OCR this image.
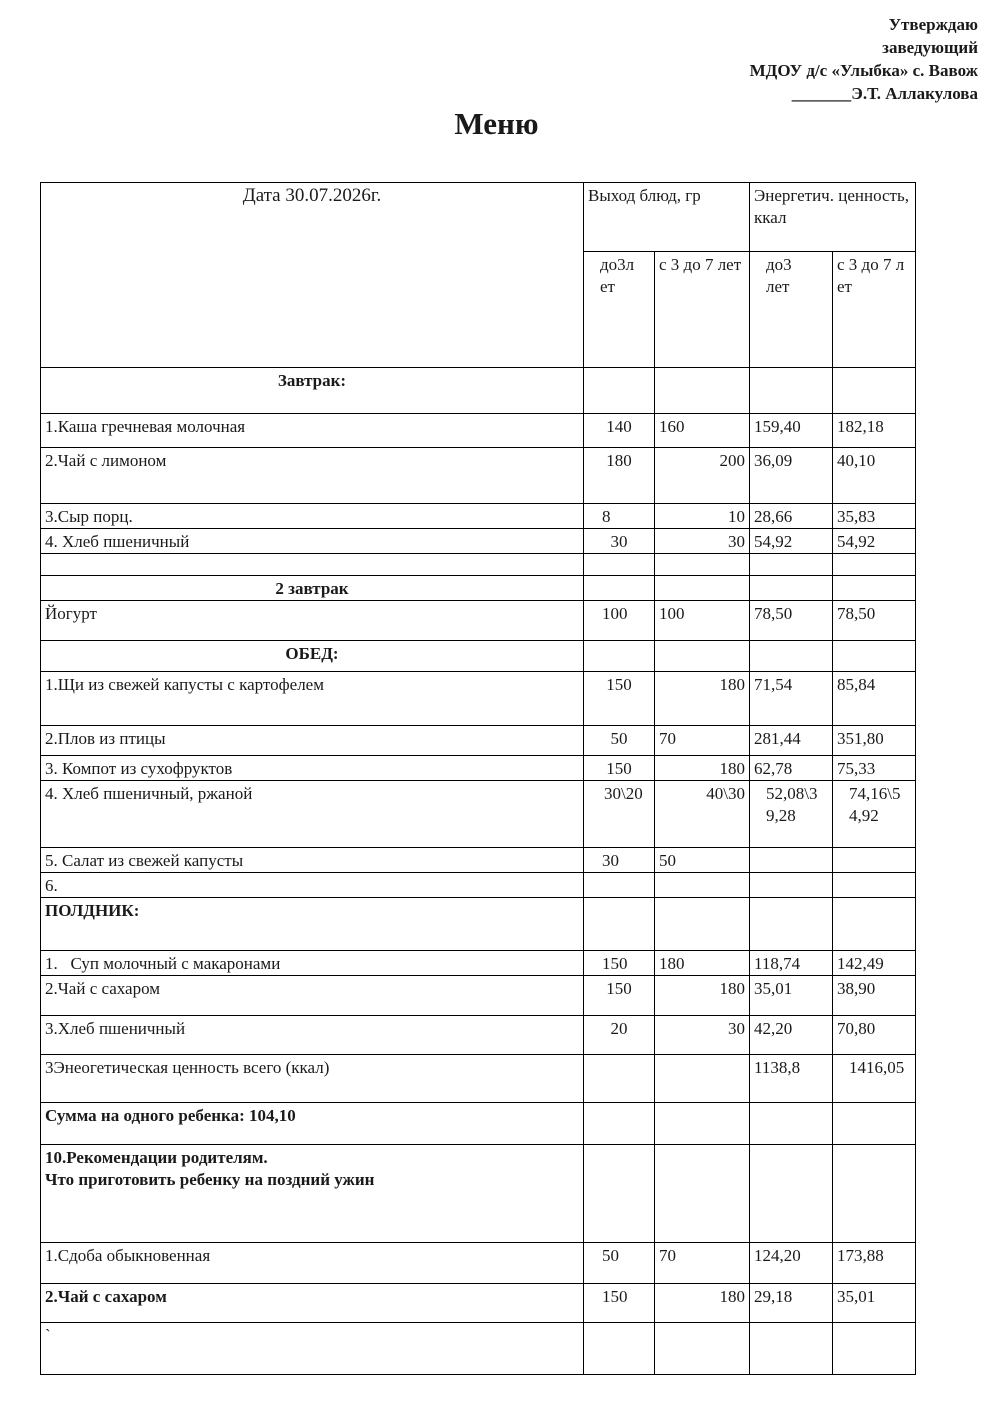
Утверждаю
заведующий
МДОУ д/с «Улыбка» с. Вавож
_______Э.Т. Аллакулова
Меню
Дата 30.07.2026г.	Выход блюд, гр		Энергетич. ценность, ккал	
	до3лет	с 3 до 7 лет	до3лет	с 3 до 7 лет
Завтрак:				
1.Каша гречневая молочная	140	160	159,40	182,18
2.Чай с лимоном	180	200	36,09	40,10
3.Сыр порц.	8	10	28,66	35,83
4. Хлеб пшеничный	30	30	54,92	54,92

2 завтрак				
Йогурт	100	100	78,50	78,50
ОБЕД:				
1.Щи из свежей капусты с картофелем	150	180	71,54	85,84
2.Плов из птицы	50	70	281,44	351,80
3. Компот из сухофруктов	150	180	62,78	75,33
4. Хлеб пшеничный, ржаной	30\20	40\30	52,08\3 9,28	74,16\5 4,92
5. Салат из свежей капусты	30	50		
6.				
ПОЛДНИК:				
1.   Суп молочный с макаронами	150	180	118,74	142,49
2.Чай с сахаром	150	180	35,01	38,90
3.Хлеб пшеничный	20	30	42,20	70,80
3Энеогетическая ценность всего (ккал)			1138,8	1416,05
Сумма на одного ребенка: 104,10				

10.Рекомендации родителям.
Что приготовить ребенку на поздний ужин				

1.Сдоба обыкновенная	50	70	124,20	173,88
2.Чай с сахаром	150	180	29,18	35,01
`				
